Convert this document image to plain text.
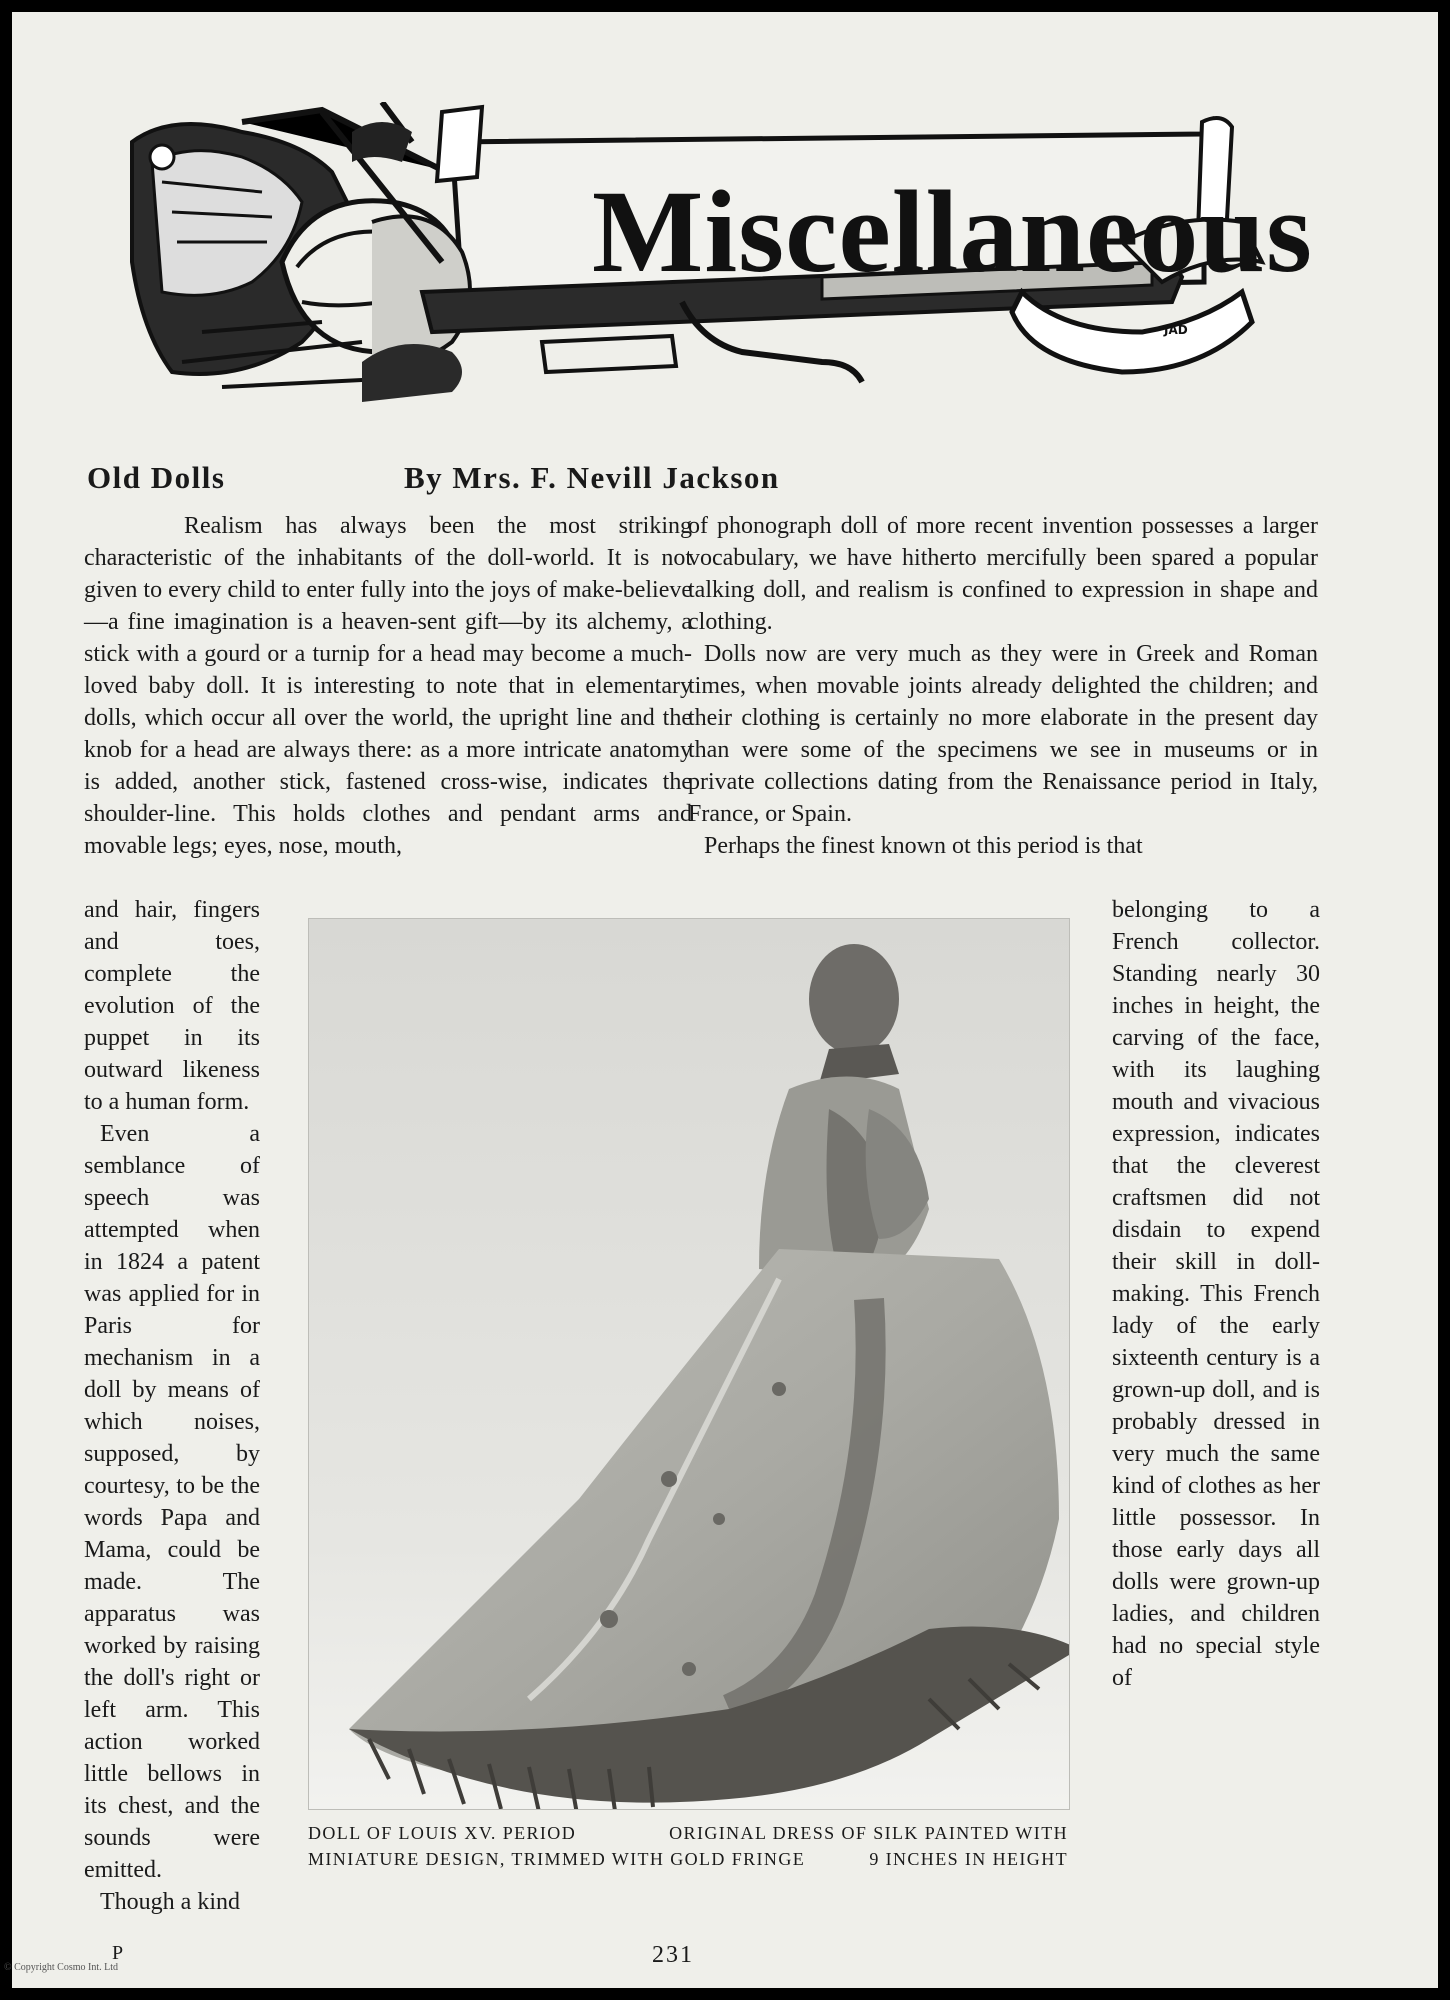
JAD
Miscellaneous
Old Dolls	By Mrs. F. Nevill Jackson

Realism has always been the most striking characteristic of the inhabitants of the doll-world. It is not given to every child to enter fully into the joys of make-believe—a fine imagination is a heaven-sent gift—by its alchemy, a stick with a gourd or a turnip for a head may become a much-loved baby doll. It is interesting to note that in elementary dolls, which occur all over the world, the upright line and the knob for a head are always there: as a more intricate anatomy is added, another stick, fastened cross-wise, indicates the shoulder-line. This holds clothes and pendant arms and movable legs; eyes, nose, mouth,

of phonograph doll of more recent invention possesses a larger vocabulary, we have hitherto mercifully been spared a popular talking doll, and realism is confined to expression in shape and clothing.

Dolls now are very much as they were in Greek and Roman times, when movable joints already delighted the children; and their clothing is certainly no more elaborate in the present day than were some of the specimens we see in museums or in private collections dating from the Renaissance period in Italy, France, or Spain.

Perhaps the finest known ot this period is that

and hair, fingers and toes, complete the evolution of the puppet in its outward likeness to a human form.

Even a semblance of speech was attempted when in 1824 a patent was applied for in Paris for mechanism in a doll by means of which noises, supposed, by courtesy, to be the words Papa and Mama, could be made. The apparatus was worked by raising the doll's right or left arm. This action worked little bellows in its chest, and the sounds were emitted.

Though a kind

DOLL OF LOUIS XV. PERIOD	ORIGINAL DRESS OF SILK PAINTED WITH
MINIATURE DESIGN, TRIMMED WITH GOLD FRINGE	9 INCHES IN HEIGHT

belonging to a French collector. Standing nearly 30 inches in height, the carving of the face, with its laughing mouth and vivacious expression, indicates that the cleverest craftsmen did not disdain to expend their skill in doll-making. This French lady of the early sixteenth century is a grown-up doll, and is probably dressed in very much the same kind of clothes as her little possessor. In those early days all dolls were grown-up ladies, and children had no special style of

P	231
© Copyright Cosmo Int. Ltd
